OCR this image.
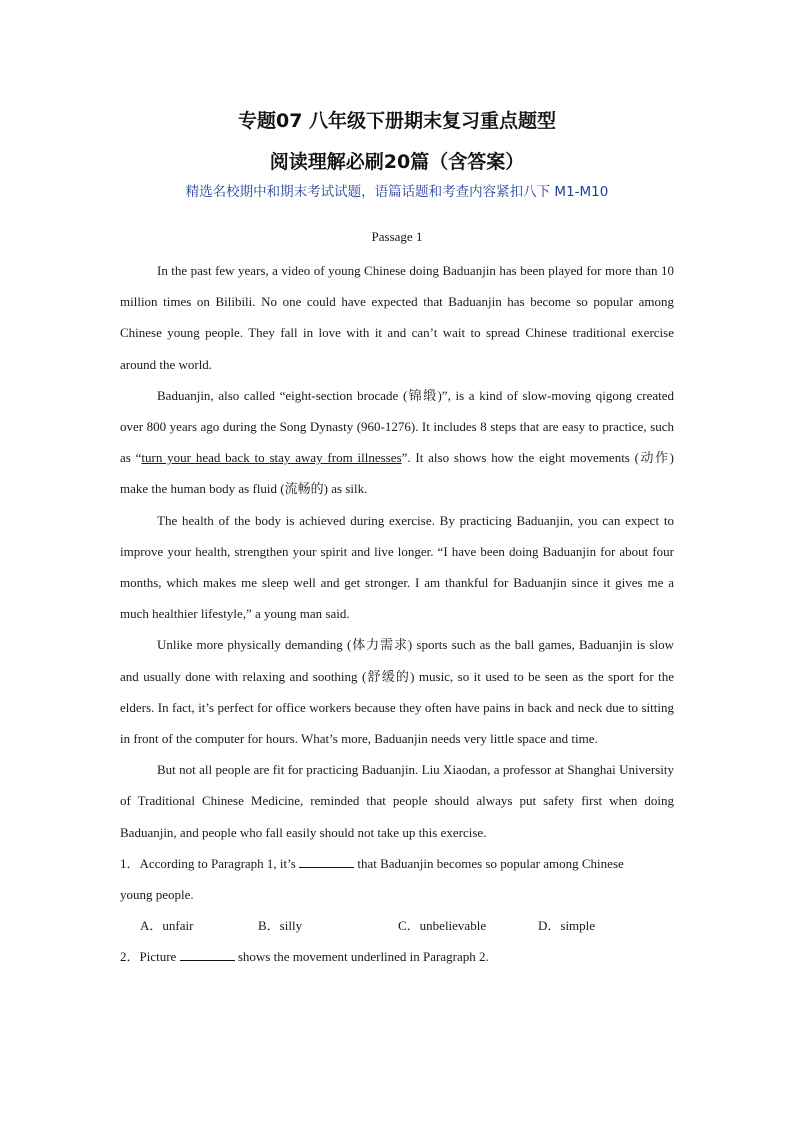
专题07 八年级下册期末复习重点题型
阅读理解必刷20篇（含答案）
精选名校期中和期末考试试题，语篇话题和考查内容紧扣八下 M1-M10
Passage 1

In the past few years, a video of young Chinese doing Baduanjin has been played for more than 10 million times on Bilibili. No one could have expected that Baduanjin has become so popular among Chinese young people. They fall in love with it and can’t wait to spread Chinese traditional exercise around the world.

Baduanjin, also called “eight-section brocade (锦缎)”, is a kind of slow-moving qigong created over 800 years ago during the Song Dynasty (960-1276). It includes 8 steps that are easy to practice, such as “turn your head back to stay away from illnesses”. It also shows how the eight movements (动作) make the human body as fluid (流畅的) as silk.

The health of the body is achieved during exercise. By practicing Baduanjin, you can expect to improve your health, strengthen your spirit and live longer. “I have been doing Baduanjin for about four months, which makes me sleep well and get stronger. I am thankful for Baduanjin since it gives me a much healthier lifestyle,” a young man said.

Unlike more physically demanding (体力需求) sports such as the ball games, Baduanjin is slow and usually done with relaxing and soothing (舒缓的) music, so it used to be seen as the sport for the elders. In fact, it’s perfect for office workers because they often have pains in back and neck due to sitting in front of the computer for hours. What’s more, Baduanjin needs very little space and time.

But not all people are fit for practicing Baduanjin. Liu Xiaodan, a professor at Shanghai University of Traditional Chinese Medicine, reminded that people should always put safety first when doing Baduanjin, and people who fall easily should not take up this exercise.

1．According to Paragraph 1, it’s	that Baduanjin becomes so popular among Chinese

young people.

A．unfair	B．silly	C．unbelievable	D．simple

2．Picture	shows the movement underlined in Paragraph 2.
